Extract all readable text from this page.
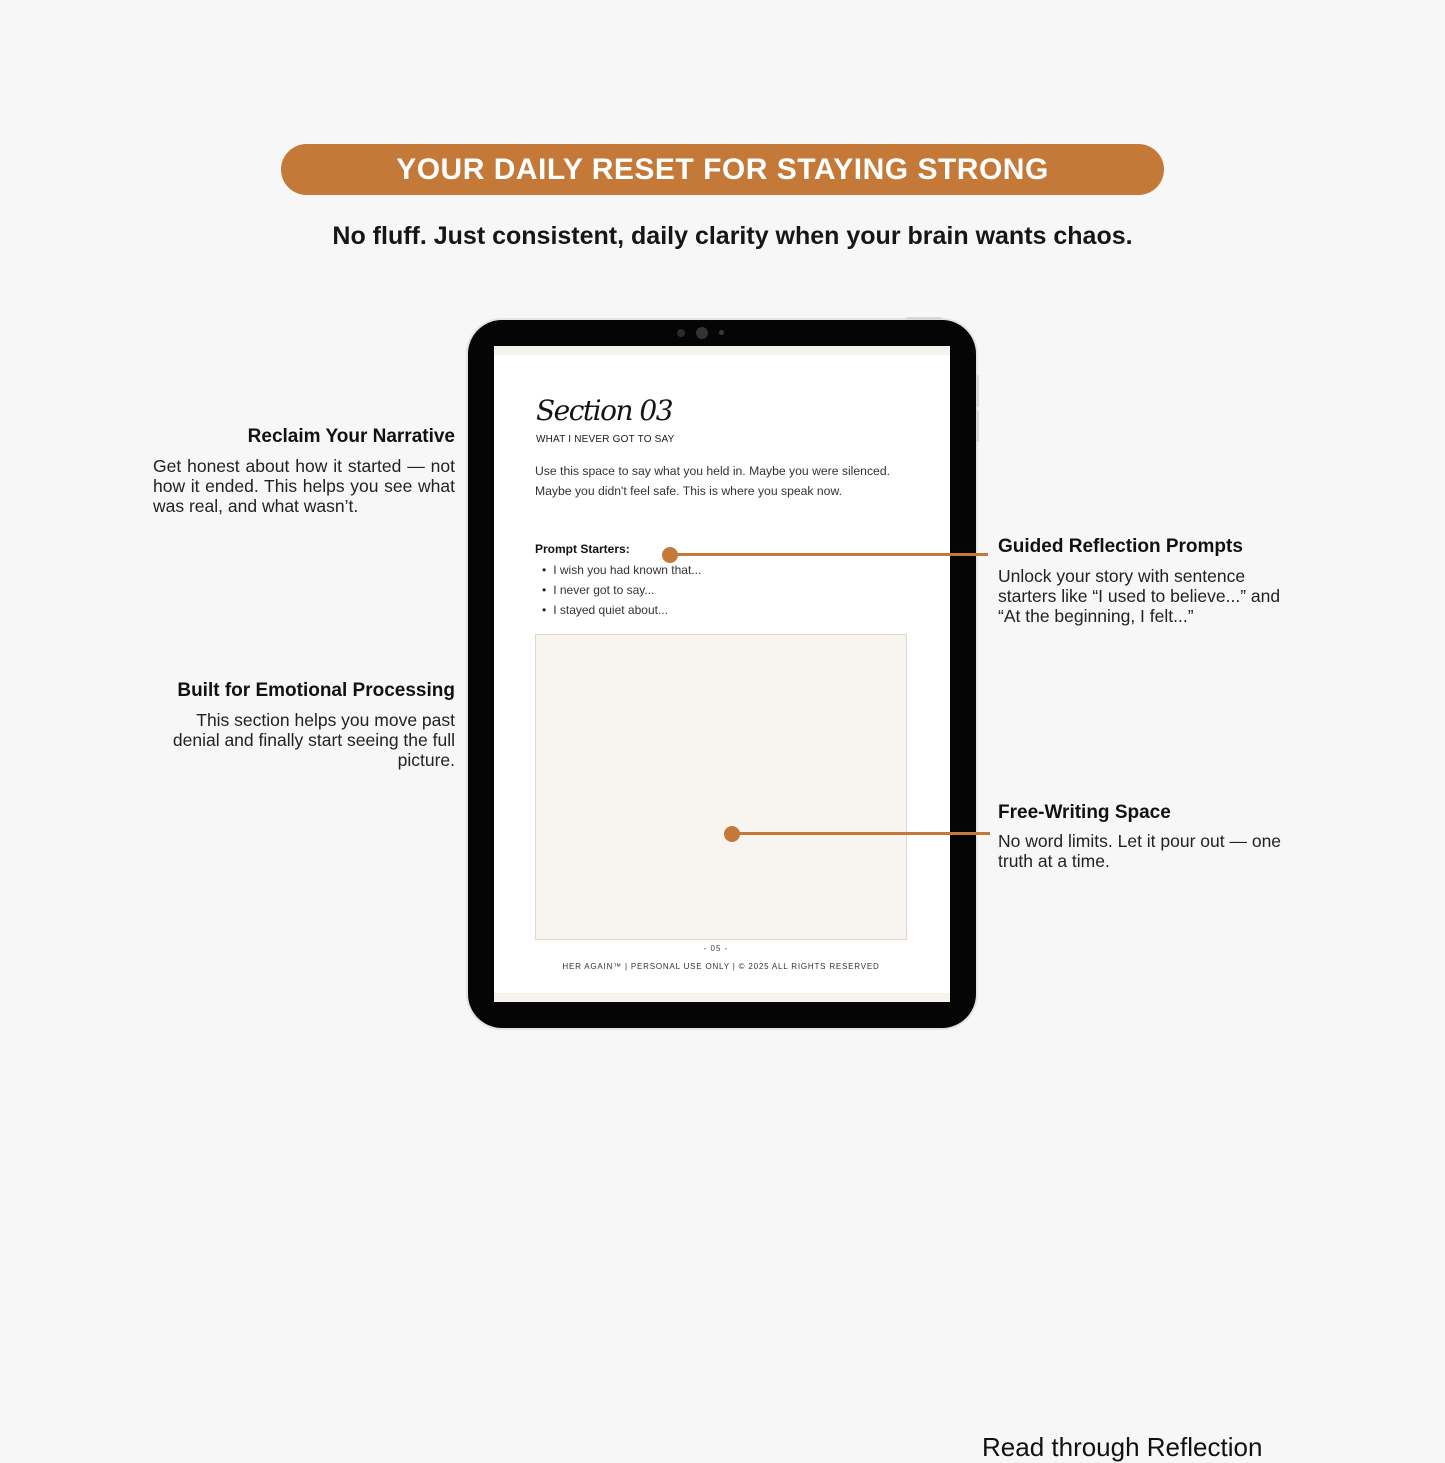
YOUR DAILY RESET FOR STAYING STRONG
No fluff. Just consistent, daily clarity when your brain wants chaos.
Section 03
WHAT I NEVER GOT TO SAY
Use this space to say what you held in. Maybe you were silenced. Maybe you didn't feel safe. This is where you speak now.
Prompt Starters:
• I wish you had known that...
• I never got to say...
• I stayed quiet about...
- 05 -
HER AGAIN™ | PERSONAL USE ONLY | © 2025 ALL RIGHTS RESERVED
Reclaim Your Narrative
Get honest about how it started — not how it ended. This helps you see what was real, and what wasn’t.
Built for Emotional Processing
This section helps you move past denial and finally start seeing the full picture.
Guided Reflection Prompts
Unlock your story with sentence starters like “I used to believe...” and “At the beginning, I felt...”
Free-Writing Space
No word limits. Let it pour out — one truth at a time.
Read through Reflection
